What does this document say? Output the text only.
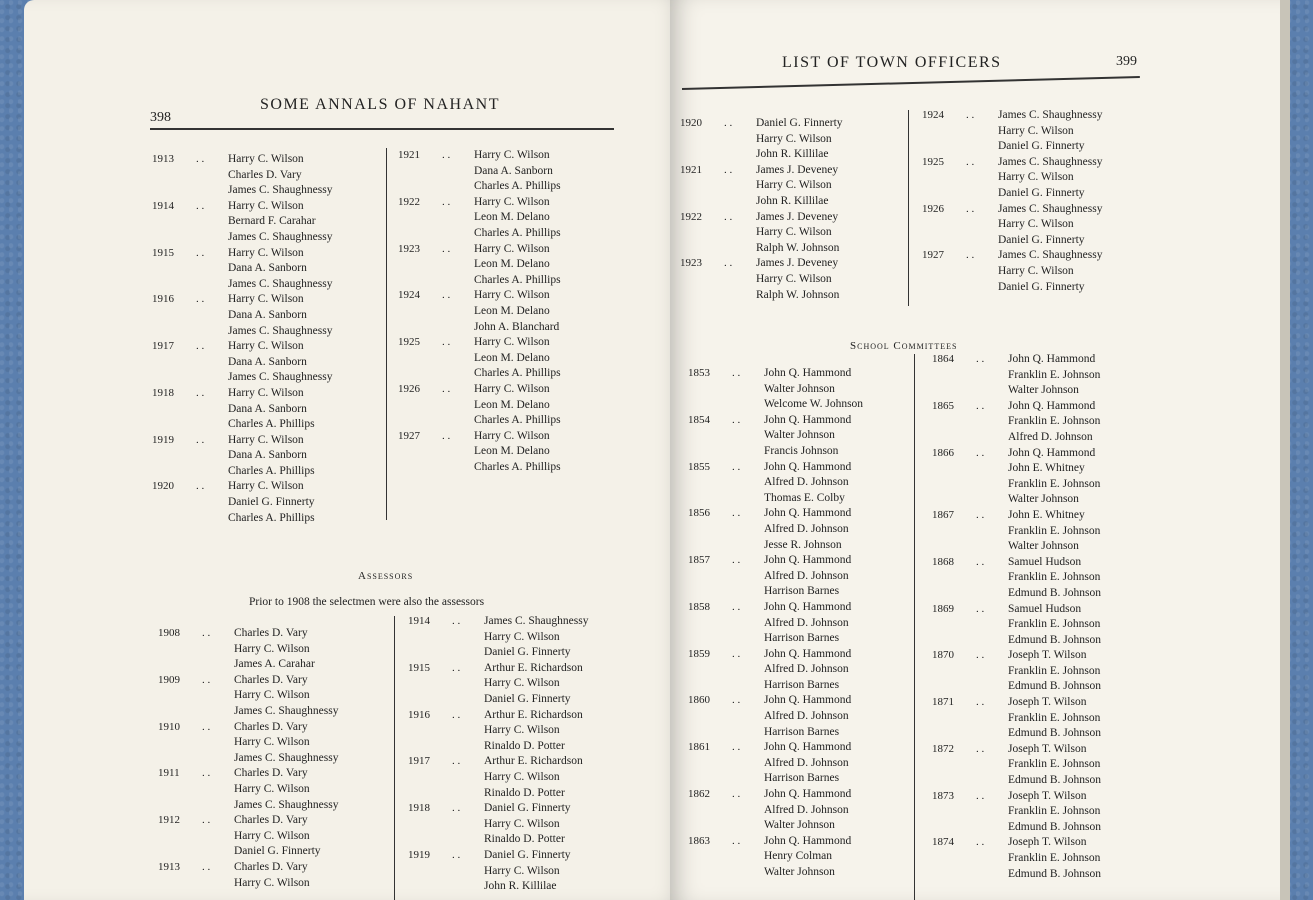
398
SOME ANNALS OF NAHANT
1913 . . Harry C. Wilson
Charles D. Vary
James C. Shaughnessy
1914 . . Harry C. Wilson
Bernard F. Carahar
James C. Shaughnessy
1915 . . Harry C. Wilson
Dana A. Sanborn
James C. Shaughnessy
1916 . . Harry C. Wilson
Dana A. Sanborn
James C. Shaughnessy
1917 . . Harry C. Wilson
Dana A. Sanborn
James C. Shaughnessy
1918 . . Harry C. Wilson
Dana A. Sanborn
Charles A. Phillips
1919 . . Harry C. Wilson
Dana A. Sanborn
Charles A. Phillips
1920 . . Harry C. Wilson
Daniel G. Finnerty
Charles A. Phillips
1921 . . Harry C. Wilson
Dana A. Sanborn
Charles A. Phillips
1922 . . Harry C. Wilson
Leon M. Delano
Charles A. Phillips
1923 . . Harry C. Wilson
Leon M. Delano
Charles A. Phillips
1924 . . Harry C. Wilson
Leon M. Delano
John A. Blanchard
1925 . . Harry C. Wilson
Leon M. Delano
Charles A. Phillips
1926 . . Harry C. Wilson
Leon M. Delano
Charles A. Phillips
1927 . . Harry C. Wilson
Leon M. Delano
Charles A. Phillips
Assessors
Prior to 1908 the selectmen were also the assessors
1908 . . Charles D. Vary
Harry C. Wilson
James A. Carahar
1909 . . Charles D. Vary
Harry C. Wilson
James C. Shaughnessy
1910 . . Charles D. Vary
Harry C. Wilson
James C. Shaughnessy
1911 . . Charles D. Vary
Harry C. Wilson
James C. Shaughnessy
1912 . . Charles D. Vary
Harry C. Wilson
Daniel G. Finnerty
1913 . . Charles D. Vary
Harry C. Wilson
1914 . . James C. Shaughnessy
Harry C. Wilson
Daniel G. Finnerty
1915 . . Arthur E. Richardson
Harry C. Wilson
Daniel G. Finnerty
1916 . . Arthur E. Richardson
Harry C. Wilson
Rinaldo D. Potter
1917 . . Arthur E. Richardson
Harry C. Wilson
Rinaldo D. Potter
1918 . . Daniel G. Finnerty
Harry C. Wilson
Rinaldo D. Potter
1919 . . Daniel G. Finnerty
Harry C. Wilson
John R. Killilae
LIST OF TOWN OFFICERS	399
1920 . . Daniel G. Finnerty
Harry C. Wilson
John R. Killilae
1921 . . James J. Deveney
Harry C. Wilson
John R. Killilae
1922 . . James J. Deveney
Harry C. Wilson
Ralph W. Johnson
1923 . . James J. Deveney
Harry C. Wilson
Ralph W. Johnson
1924 . . James C. Shaughnessy
Harry C. Wilson
Daniel G. Finnerty
1925 . . James C. Shaughnessy
Harry C. Wilson
Daniel G. Finnerty
1926 . . James C. Shaughnessy
Harry C. Wilson
Daniel G. Finnerty
1927 . . James C. Shaughnessy
Harry C. Wilson
Daniel G. Finnerty
School Committees
1853 . . John Q. Hammond
Walter Johnson
Welcome W. Johnson
1854 . . John Q. Hammond
Walter Johnson
Francis Johnson
1855 . . John Q. Hammond
Alfred D. Johnson
Thomas E. Colby
1856 . . John Q. Hammond
Alfred D. Johnson
Jesse R. Johnson
1857 . . John Q. Hammond
Alfred D. Johnson
Harrison Barnes
1858 . . John Q. Hammond
Alfred D. Johnson
Harrison Barnes
1859 . . John Q. Hammond
Alfred D. Johnson
Harrison Barnes
1860 . . John Q. Hammond
Alfred D. Johnson
Harrison Barnes
1861 . . John Q. Hammond
Alfred D. Johnson
Harrison Barnes
1862 . . John Q. Hammond
Alfred D. Johnson
Walter Johnson
1863 . . John Q. Hammond
Henry Colman
Walter Johnson
1864 . . John Q. Hammond
Franklin E. Johnson
Walter Johnson
1865 . . John Q. Hammond
Franklin E. Johnson
Alfred D. Johnson
1866 . . John Q. Hammond
John E. Whitney
Franklin E. Johnson
Walter Johnson
1867 . . John E. Whitney
Franklin E. Johnson
Walter Johnson
1868 . . Samuel Hudson
Franklin E. Johnson
Edmund B. Johnson
1869 . . Samuel Hudson
Franklin E. Johnson
Edmund B. Johnson
1870 . . Joseph T. Wilson
Franklin E. Johnson
Edmund B. Johnson
1871 . . Joseph T. Wilson
Franklin E. Johnson
Edmund B. Johnson
1872 . . Joseph T. Wilson
Franklin E. Johnson
Edmund B. Johnson
1873 . . Joseph T. Wilson
Franklin E. Johnson
Edmund B. Johnson
1874 . . Joseph T. Wilson
Franklin E. Johnson
Edmund B. Johnson
